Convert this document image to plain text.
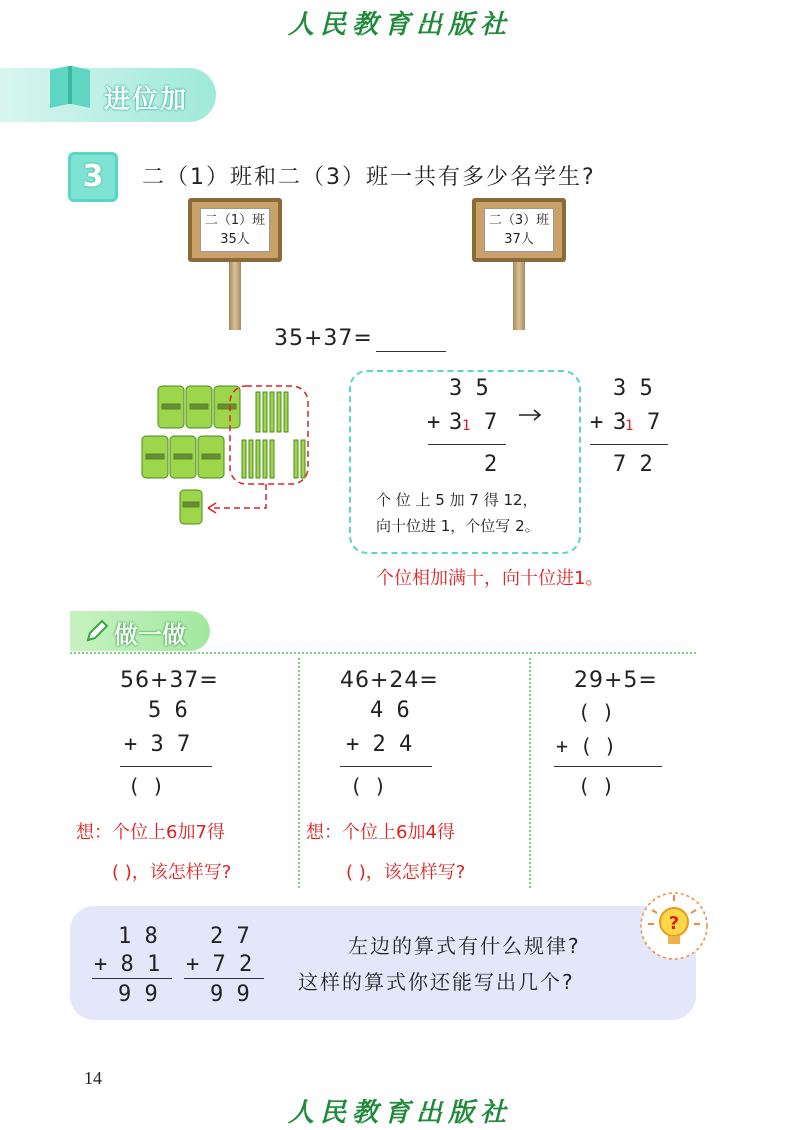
人民教育出版社
进位加
3	二（1）班和二（3）班一共有多少名学生?
二（1）班
35人
二（3）班
37人
35+37=
3 5
+ 3 1 7
2
个 位 上 5 加 7 得 12，
向十位进 1，个位写 2。
3 5
+ 3
1 7
7 2
个位相加满十，向十位进1。
做一做
56+37=
5 6
+ 3 7
( )
想：个位上6加7得
( )，该怎样写?
46+24=
4 6
+ 2 4
( )
想：个位上6加4得
( )，该怎样写?
29+5=
( )
+ ( )
( )
1 8
+ 8 1
9 9
2 7
+ 7 2
9 9
左边的算式有什么规律?
这样的算式你还能写出几个?
?
14
人民教育出版社
